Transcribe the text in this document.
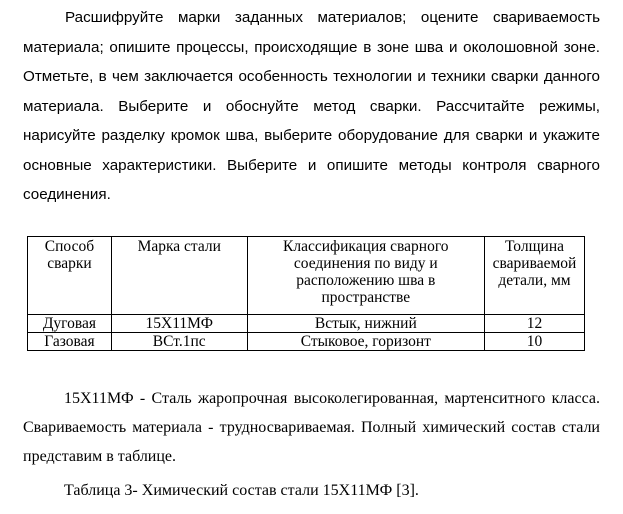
Расшифруйте марки заданных материалов; оцените свариваемость материала; опишите процессы, происходящие в зоне шва и околошовной зоне. Отметьте, в чем заключается особенность технологии и техники сварки данного материала. Выберите и обоснуйте метод сварки. Рассчитайте режимы, нарисуйте разделку кромок шва, выберите оборудование для сварки и укажите основные характеристики. Выберите и опишите методы контроля сварного соединения.

Способ сварки	Марка стали	Классификация сварного соединения по виду и расположению шва в пространстве	Толщина свариваемой детали, мм
Дуговая	15Х11МФ	Встык, нижний	12
Газовая	ВСт.1пс	Стыковое, горизонт	10

15Х11МФ - Сталь жаропрочная высоколегированная, мартенситного класса. Свариваемость материала - трудносвариваемая. Полный химический состав стали представим в таблице.

Таблица 3- Химический состав стали 15Х11МФ [3].
